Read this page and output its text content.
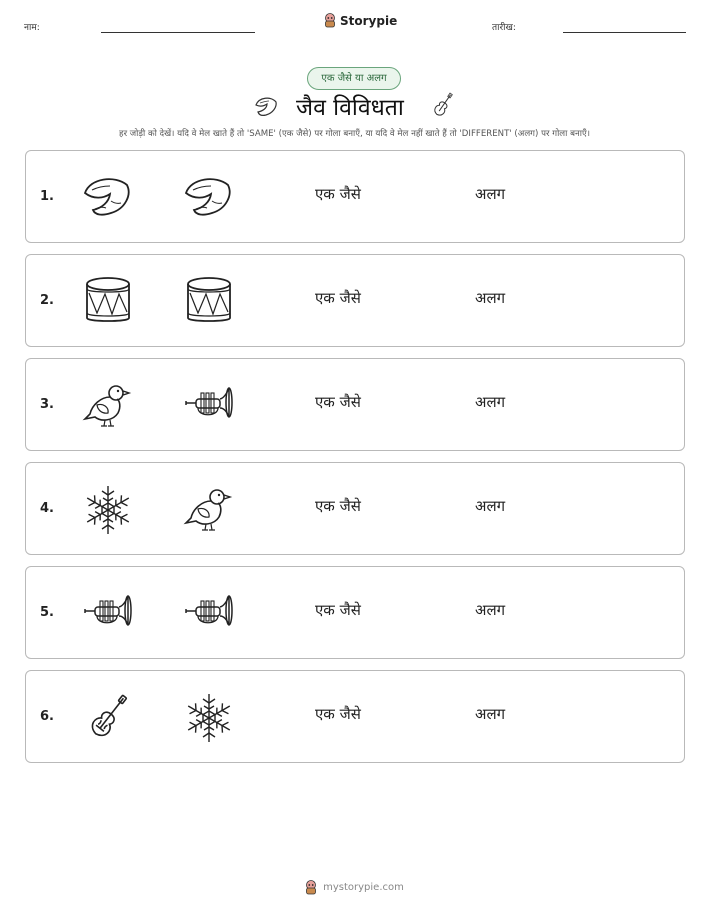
नाम:
Storypie
तारीख:
एक जैसे या अलग
जैव विविधता
हर जोड़ी को देखें। यदि वे मेल खाते हैं तो 'SAME' (एक जैसे) पर गोला बनाएँ, या यदि वे मेल नहीं खाते हैं तो 'DIFFERENT' (अलग) पर गोला बनाएँ।
1.	एक जैसे	अलग
2.	एक जैसे	अलग
3.	एक जैसे	अलग
4.	एक जैसे	अलग
5.	एक जैसे	अलग
6.	एक जैसे	अलग
mystorypie.com
